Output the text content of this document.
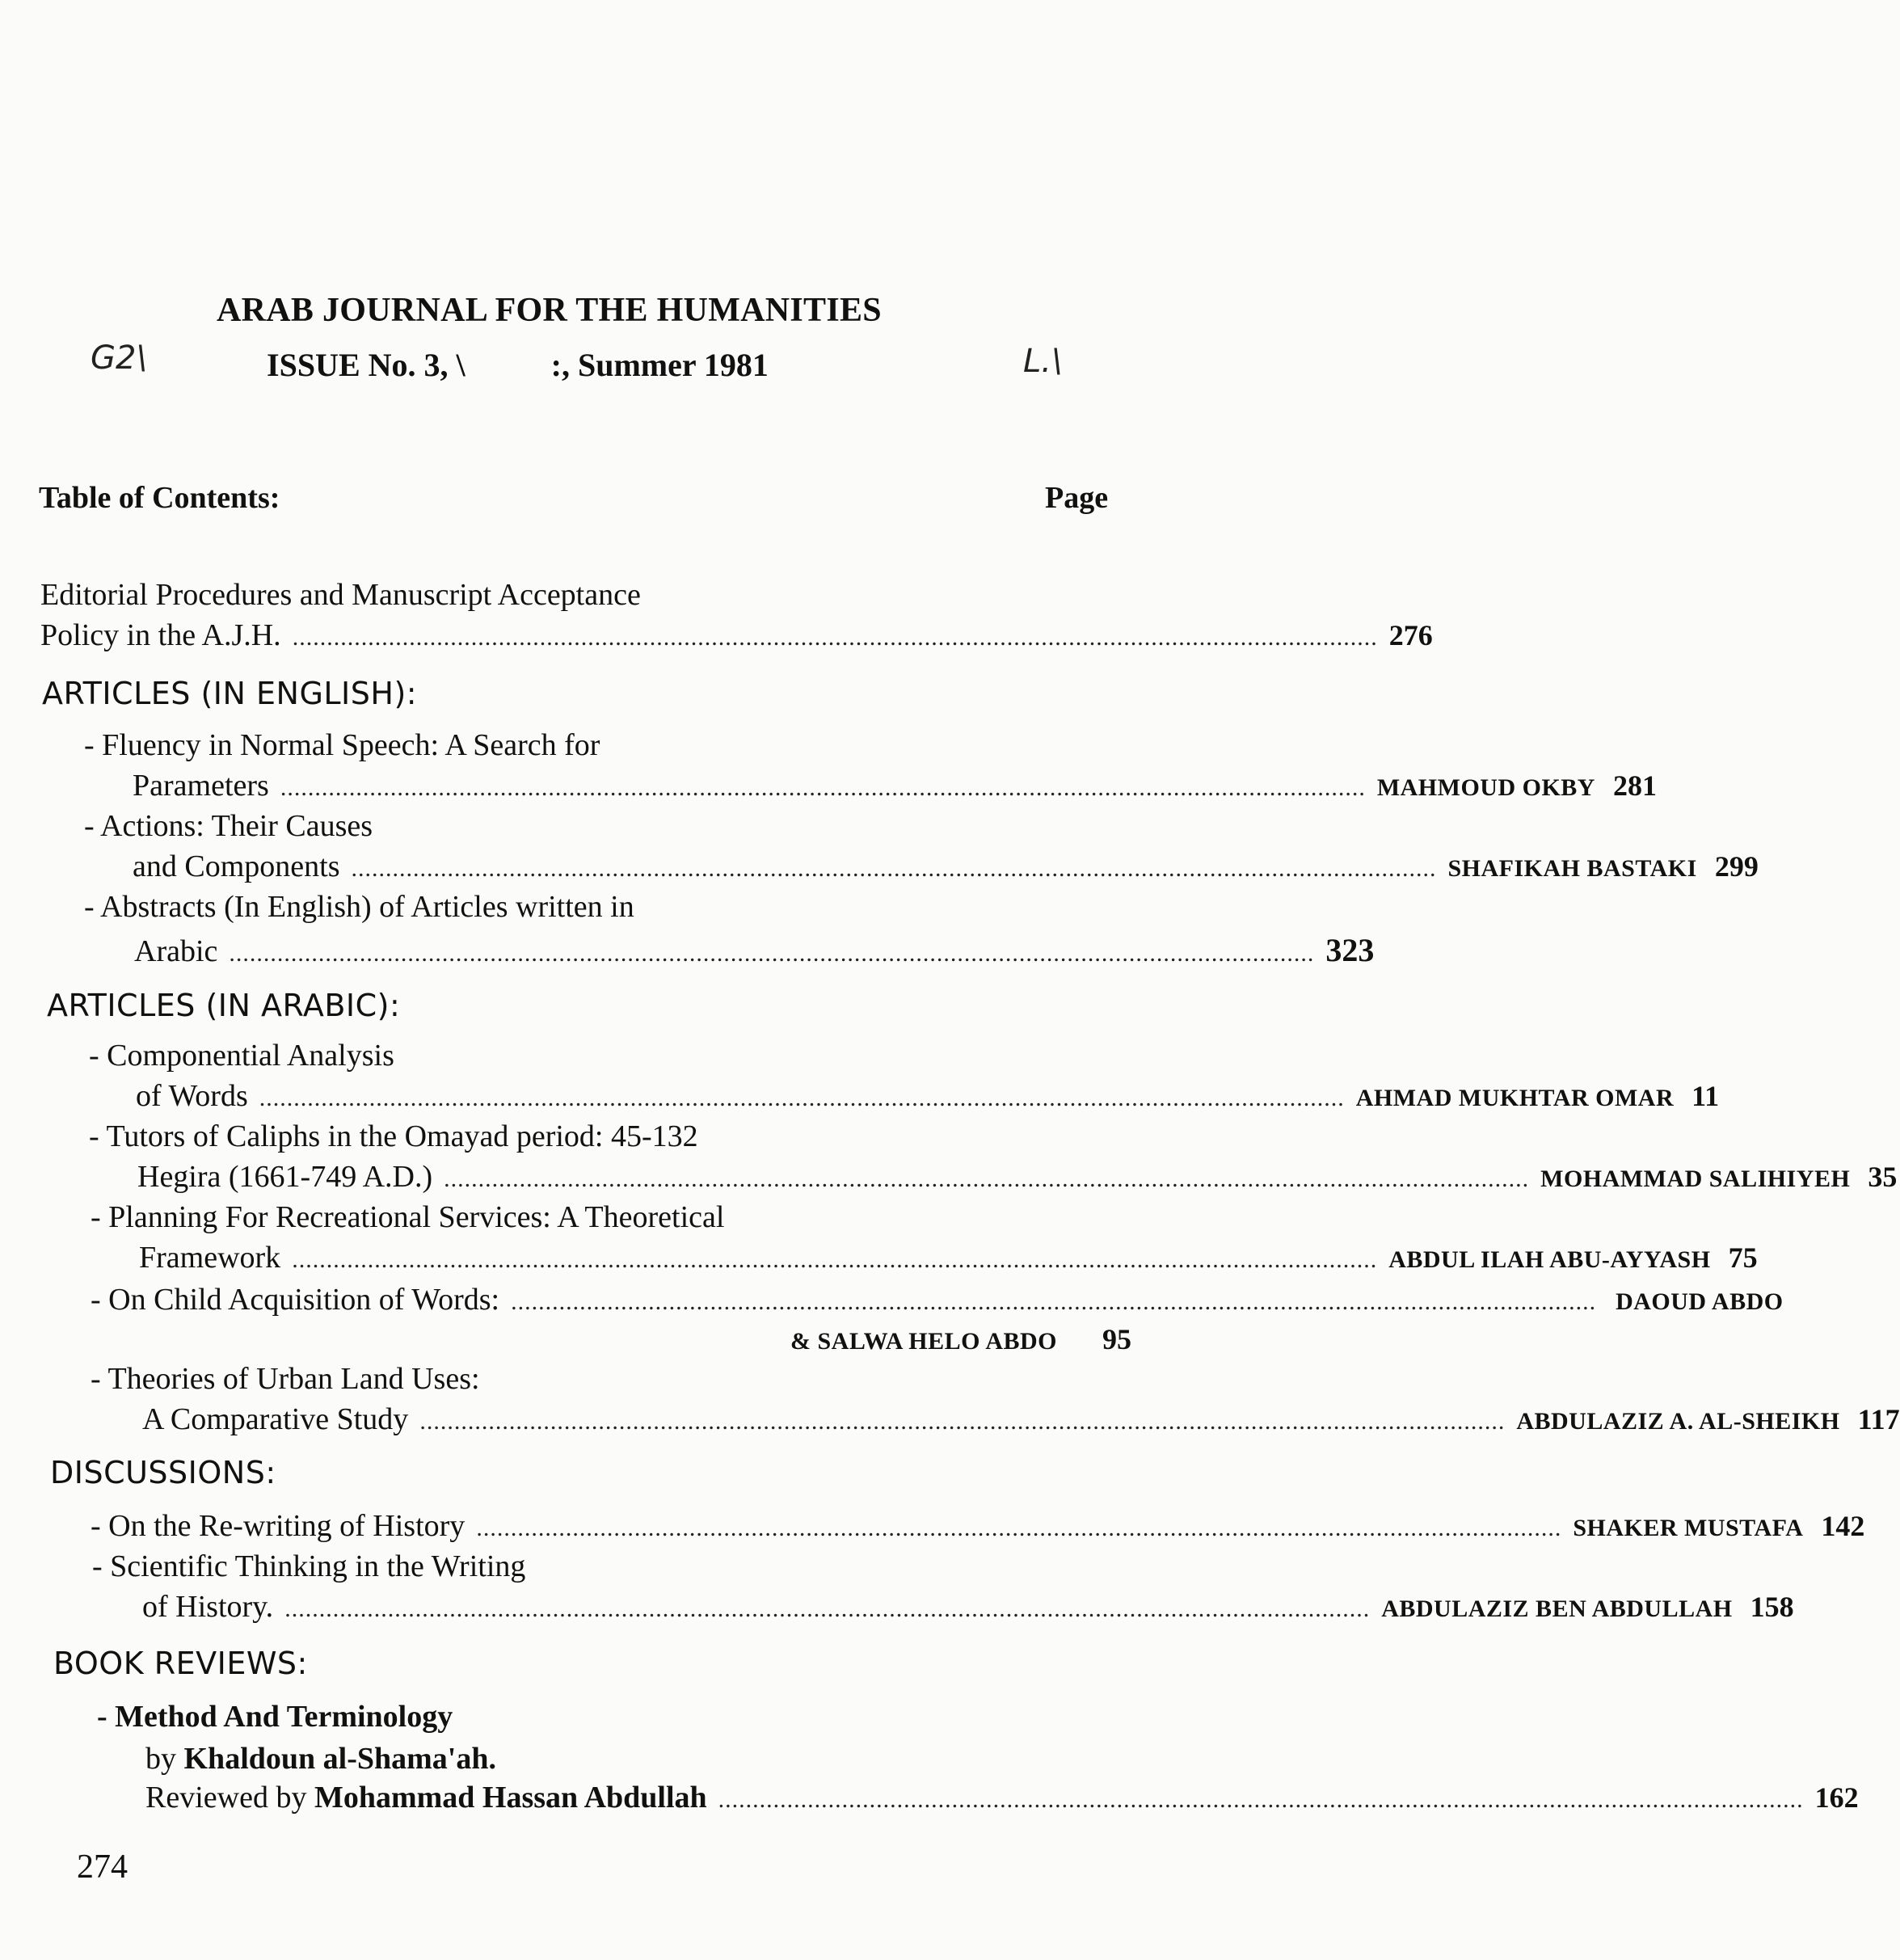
ARAB JOURNAL FOR THE HUMANITIES
ISSUE No. 3, \	:, Summer 1981
G2\	L.\
Table of Contents:	Page
Editorial Procedures and Manuscript Acceptance
Policy in the A.J.H. .............................................................................................................................................................. 276
ARTICLES (IN ENGLISH):
- Fluency in Normal Speech: A Search for
Parameters .............................................................................................................................................................. MAHMOUD OKBY 281
- Actions: Their Causes
and Components .............................................................................................................................................................. SHAFIKAH BASTAKI 299
- Abstracts (In English) of Articles written in
Arabic .............................................................................................................................................................. 323
ARTICLES (IN ARABIC):
- Componential Analysis
of Words .............................................................................................................................................................. AHMAD MUKHTAR OMAR 11
- Tutors of Caliphs in the Omayad period: 45-132
Hegira (1661-749 A.D.) .............................................................................................................................................................. MOHAMMAD SALIHIYEH 35
- Planning For Recreational Services: A Theoretical
Framework .............................................................................................................................................................. ABDUL ILAH ABU-AYYASH 75
- On Child Acquisition of Words: .............................................................................................................................................................. DAOUD ABDO
& SALWA HELO ABDO 95
- Theories of Urban Land Uses:
A Comparative Study .............................................................................................................................................................. ABDULAZIZ A. AL-SHEIKH 117
DISCUSSIONS:
- On the Re-writing of History .............................................................................................................................................................. SHAKER MUSTAFA 142
- Scientific Thinking in the Writing
of History. .............................................................................................................................................................. ABDULAZIZ BEN ABDULLAH 158
BOOK REVIEWS:
- Method And Terminology
by Khaldoun al-Shama'ah.
Reviewed by Mohammad Hassan Abdullah .............................................................................................................................................................. 162
274
